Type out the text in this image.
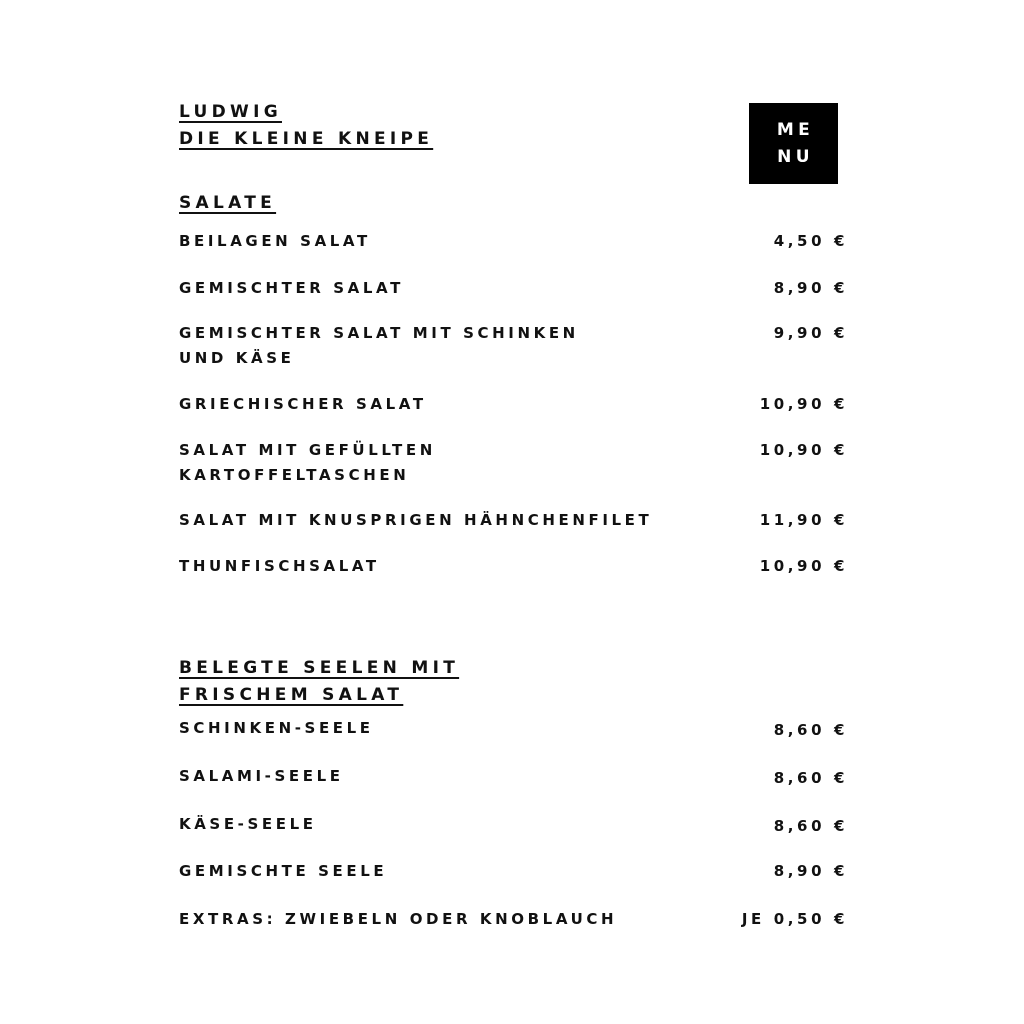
LUDWIG
DIE KLEINE KNEIPE	ME
NU
SALATE
BEILAGEN SALAT	4,50 €
GEMISCHTER SALAT	8,90 €
GEMISCHTER SALAT MIT SCHINKEN
UND KÄSE
9,90 €
GRIECHISCHER SALAT	10,90 €
SALAT MIT GEFÜLLTEN
KARTOFFELTASCHEN
10,90 €
SALAT MIT KNUSPRIGEN HÄHNCHENFILET	11,90 €
THUNFISCHSALAT	10,90 €
BELEGTE SEELEN MIT
FRISCHEM SALAT
SCHINKEN-SEELE	8,60 €
SALAMI-SEELE	8,60 €
KÄSE-SEELE	8,60 €
GEMISCHTE SEELE	8,90 €
EXTRAS: ZWIEBELN ODER KNOBLAUCH	JE 0,50 €
